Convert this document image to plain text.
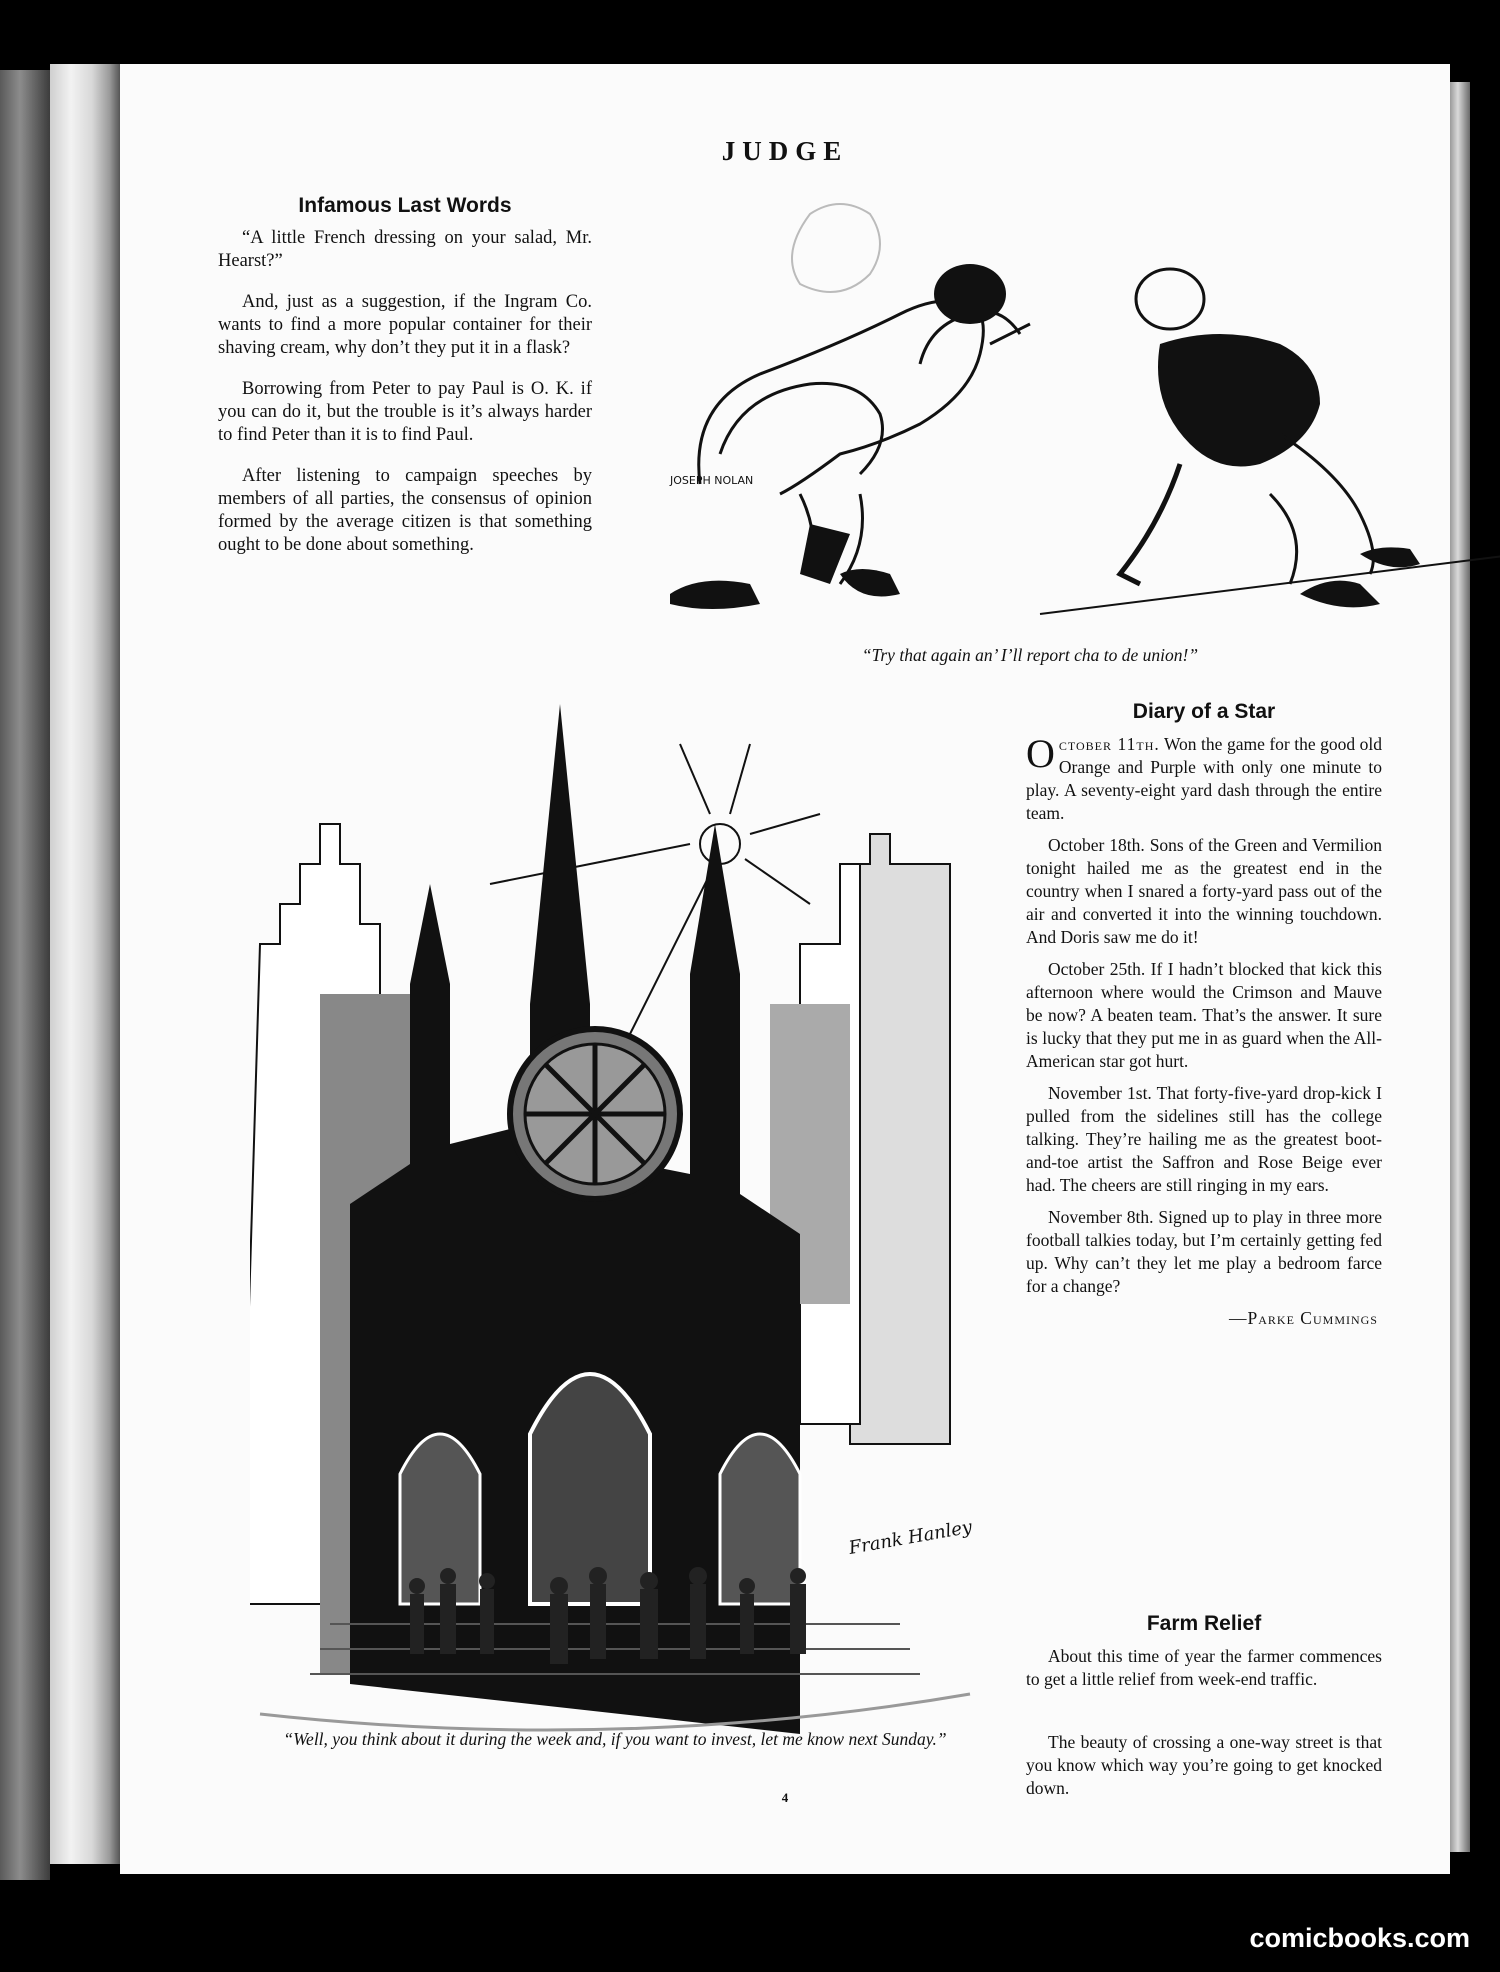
JUDGE
Infamous Last Words

“A little French dressing on your salad, Mr. Hearst?”

And, just as a suggestion, if the Ingram Co. wants to find a more popular container for their shaving cream, why don’t they put it in a flask?

Borrowing from Peter to pay Paul is O. K. if you can do it, but the trouble is it’s always harder to find Peter than it is to find Paul.

After listening to campaign speeches by members of all parties, the consensus of opinion formed by the average citizen is that something ought to be done about something.

JOSEPH NOLAN
“Try that again an’ I’ll report cha to de union!”
Frank Hanley
“Well, you think about it during the week and, if you want to invest, let me know next Sunday.”
Diary of a Star

October 11th. Won the game for the good old Orange and Purple with only one minute to play. A seventy-eight yard dash through the entire team.

October 18th. Sons of the Green and Vermilion tonight hailed me as the greatest end in the country when I snared a forty-yard pass out of the air and converted it into the winning touchdown. And Doris saw me do it!

October 25th. If I hadn’t blocked that kick this afternoon where would the Crimson and Mauve be now? A beaten team. That’s the answer. It sure is lucky that they put me in as guard when the All-American star got hurt.

November 1st. That forty-five-yard drop-kick I pulled from the sidelines still has the college talking. They’re hailing me as the greatest boot-and-toe artist the Saffron and Rose Beige ever had. The cheers are still ringing in my ears.

November 8th. Signed up to play in three more football talkies today, but I’m certainly getting fed up. Why can’t they let me play a bedroom farce for a change?

—Parke Cummings
Farm Relief

About this time of year the farmer commences to get a little relief from week-end traffic.

The beauty of crossing a one-way street is that you know which way you’re going to get knocked down.

4
comicbooks.com
